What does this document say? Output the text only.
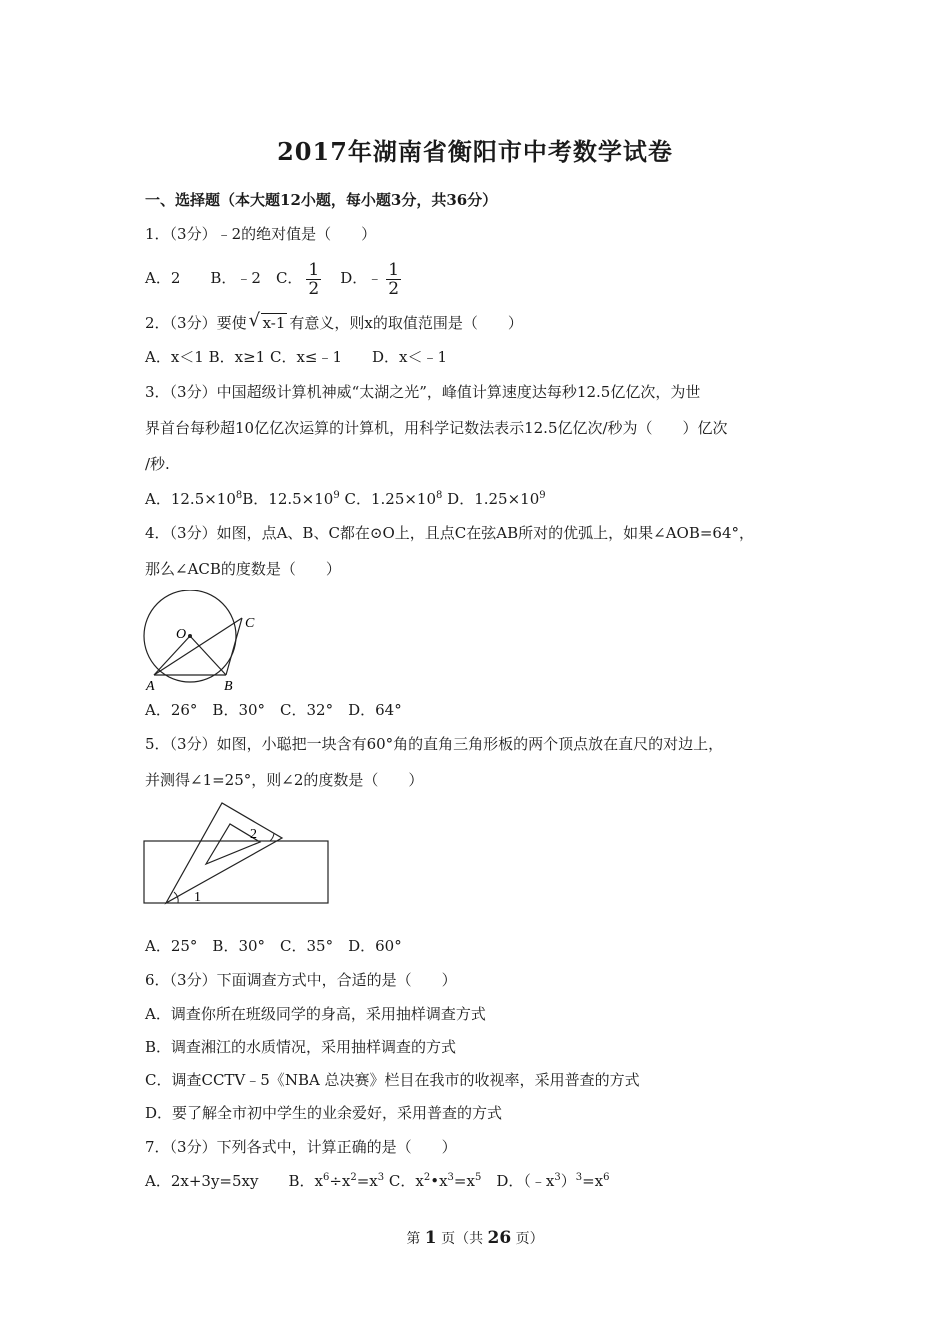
2017年湖南省衡阳市中考数学试卷
一、选择题（本大题12小题，每小题3分，共36分）
1．（3分）﹣2的绝对值是（　　）
A．2　　B．﹣2　C． $\frac{1}{2}$ 　D．﹣ $\frac{1}{2}$
2．（3分）要使 √ x-1 有意义，则x的取值范围是（　　）
A．x＜1 B．x≥1 C．x≤﹣1　　D．x＜﹣1
3．（3分）中国超级计算机神威“太湖之光”，峰值计算速度达每秒12.5亿亿次，为世
界首台每秒超10亿亿次运算的计算机，用科学记数法表示12.5亿亿次/秒为（　　）亿次
/秒.
A．$12.5\times 10^8B$．$12.5\times 10^9$ C．$1.25\times 10^8$ D．$1.25\times 10^9$
4．（3分）如图，点A、B、C都在⊙O上，且点C在弦AB所对的优弧上，如果∠AOB=64°，
那么∠ACB的度数是（　　）
O
A	B
C
A．26°　B．30°　C．32°　D．64°
5．（3分）如图，小聪把一块含有60°角的直角三角形板的两个顶点放在直尺的对边上，
并测得∠1=25°，则∠2的度数是（　　）
1
2
A．25°　B．30°　C．35°　D．60°
6．（3分）下面调查方式中，合适的是（　　）
A．调查你所在班级同学的身高，采用抽样调查方式
B．调查湘江的水质情况，采用抽样调查的方式
C．调查CCTV﹣5《NBA 总决赛》栏目在我市的收视率，采用普查的方式
D．要了解全市初中学生的业余爱好，采用普查的方式
7．（3分）下列各式中，计算正确的是（　　）
A．2x+3y=5xy　　B．$x^6\div x^2=x^3$ C．$x^2•x^3=x^5$　D．$(﹣x^3)^3=x^6$
第 1 页（共 26 页）
